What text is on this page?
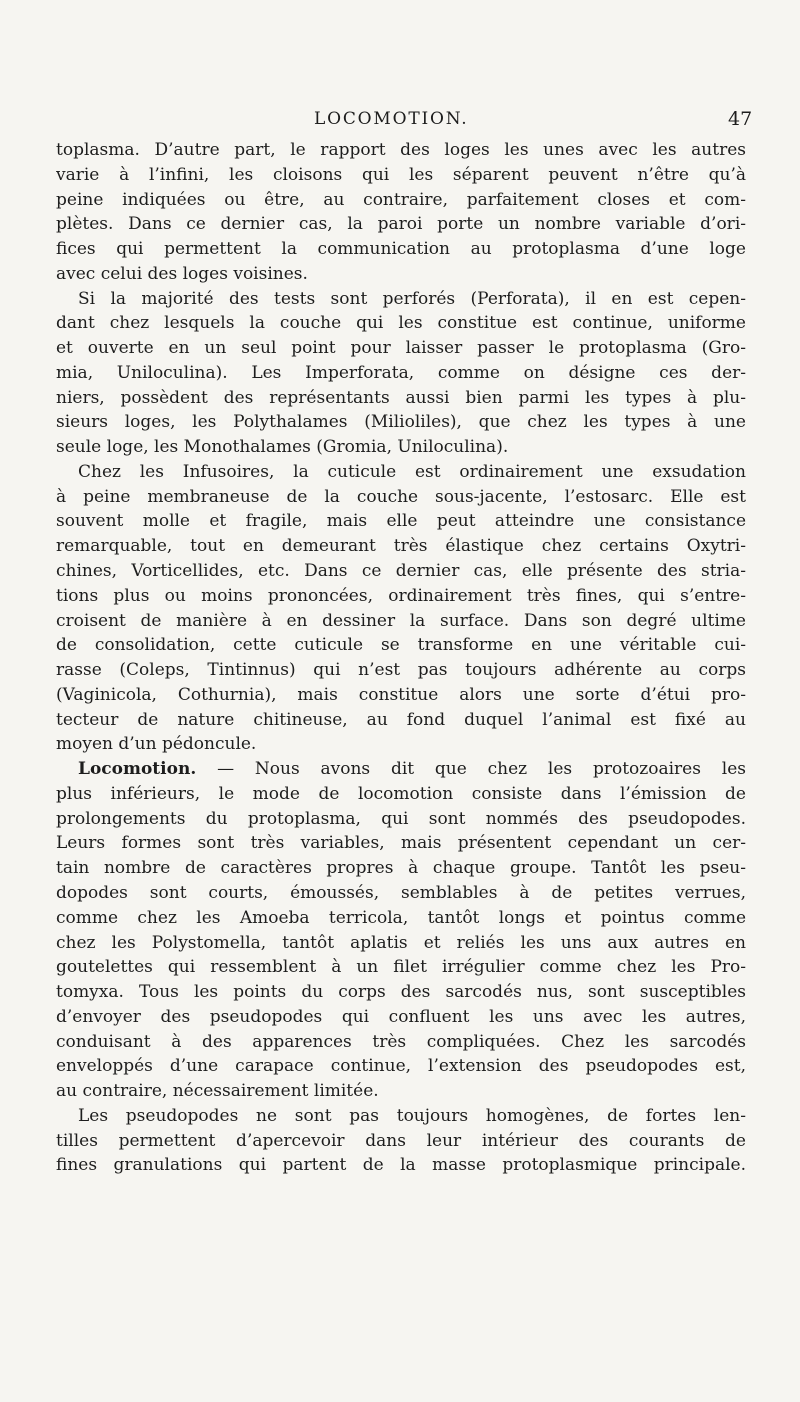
LOCOMOTION.	47
toplasma. D’autre part, le rapport des loges les unes avec les autres
varie à l’infini, les cloisons qui les séparent peuvent n’être qu’à
peine indiquées ou être, au contraire, parfaitement closes et com-
plètes. Dans ce dernier cas, la paroi porte un nombre variable d’ori-
fices qui permettent la communication au protoplasma d’une loge
avec celui des loges voisines.
Si la majorité des tests sont perforés (Perforata), il en est cepen-
dant chez lesquels la couche qui les constitue est continue, uniforme
et ouverte en un seul point pour laisser passer le protoplasma (Gro-
mia, Uniloculina). Les Imperforata, comme on désigne ces der-
niers, possèdent des représentants aussi bien parmi les types à plu-
sieurs loges, les Polythalames (Milioliles), que chez les types à une
seule loge, les Monothalames (Gromia, Uniloculina).
Chez les Infusoires, la cuticule est ordinairement une exsudation
à peine membraneuse de la couche sous-jacente, l’estosarc. Elle est
souvent molle et fragile, mais elle peut atteindre une consistance
remarquable, tout en demeurant très élastique chez certains Oxytri-
chines, Vorticellides, etc. Dans ce dernier cas, elle présente des stria-
tions plus ou moins prononcées, ordinairement très fines, qui s’entre-
croisent de manière à en dessiner la surface. Dans son degré ultime
de consolidation, cette cuticule se transforme en une véritable cui-
rasse (Coleps, Tintinnus) qui n’est pas toujours adhérente au corps
(Vaginicola, Cothurnia), mais constitue alors une sorte d’étui pro-
tecteur de nature chitineuse, au fond duquel l’animal est fixé au
moyen d’un pédoncule.
Locomotion. — Nous avons dit que chez les protozoaires les
plus inférieurs, le mode de locomotion consiste dans l’émission de
prolongements du protoplasma, qui sont nommés des pseudopodes.
Leurs formes sont très variables, mais présentent cependant un cer-
tain nombre de caractères propres à chaque groupe. Tantôt les pseu-
dopodes sont courts, émoussés, semblables à de petites verrues,
comme chez les Amoeba terricola, tantôt longs et pointus comme
chez les Polystomella, tantôt aplatis et reliés les uns aux autres en
goutelettes qui ressemblent à un filet irrégulier comme chez les Pro-
tomyxa. Tous les points du corps des sarcodés nus, sont susceptibles
d’envoyer des pseudopodes qui confluent les uns avec les autres,
conduisant à des apparences très compliquées. Chez les sarcodés
enveloppés d’une carapace continue, l’extension des pseudopodes est,
au contraire, nécessairement limitée.
Les pseudopodes ne sont pas toujours homogènes, de fortes len-
tilles permettent d’apercevoir dans leur intérieur des courants de
fines granulations qui partent de la masse protoplasmique principale.
